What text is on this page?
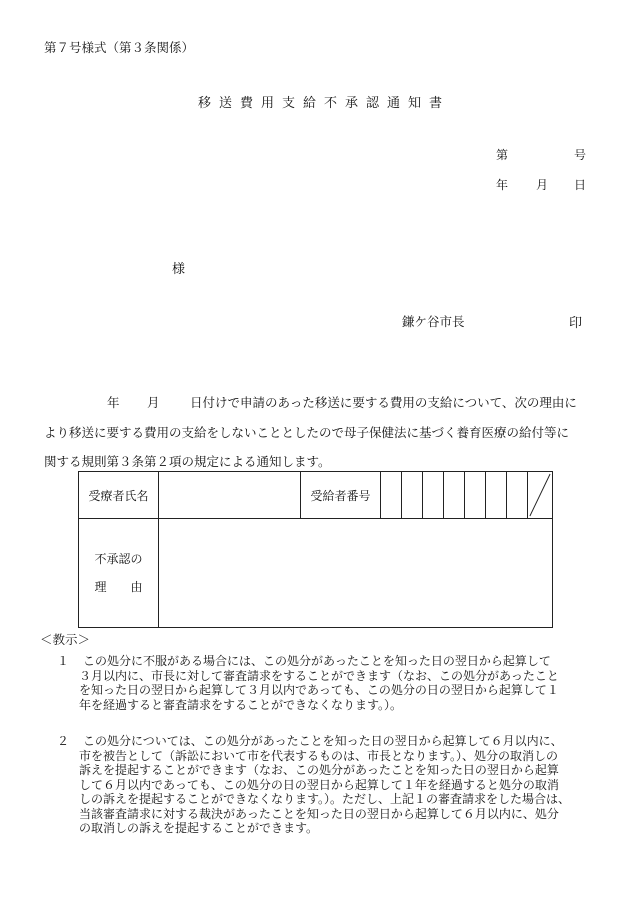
第７号様式（第３条関係）
移送費用支給不承認通知書
第	号
年 月 日
様
鎌ケ谷市長	印
年 月 日付けで申請のあった移送に要する費用の支給について、次の理由に
より移送に要する費用の支給をしないこととしたので母子保健法に基づく養育医療の給付等に
関する規則第３条第２項の規定による通知します。
受療者氏名		受給者番号								

不承認の
理　　由										

＜教示＞
１ この処分に不服がある場合には、この処分があったことを知った日の翌日から起算して
３月以内に、市長に対して審査請求をすることができます（なお、この処分があったこと
を知った日の翌日から起算して３月以内であっても、この処分の日の翌日から起算して１
年を経過すると審査請求をすることができなくなります。）。
２ この処分については、この処分があったことを知った日の翌日から起算して６月以内に、
市を被告として（訴訟において市を代表するものは、市長となります。）、処分の取消しの
訴えを提起することができます（なお、この処分があったことを知った日の翌日から起算
して６月以内であっても、この処分の日の翌日から起算して１年を経過すると処分の取消
しの訴えを提起することができなくなります。）。ただし、上記１の審査請求をした場合は、
当該審査請求に対する裁決があったことを知った日の翌日から起算して６月以内に、処分
の取消しの訴えを提起することができます。
